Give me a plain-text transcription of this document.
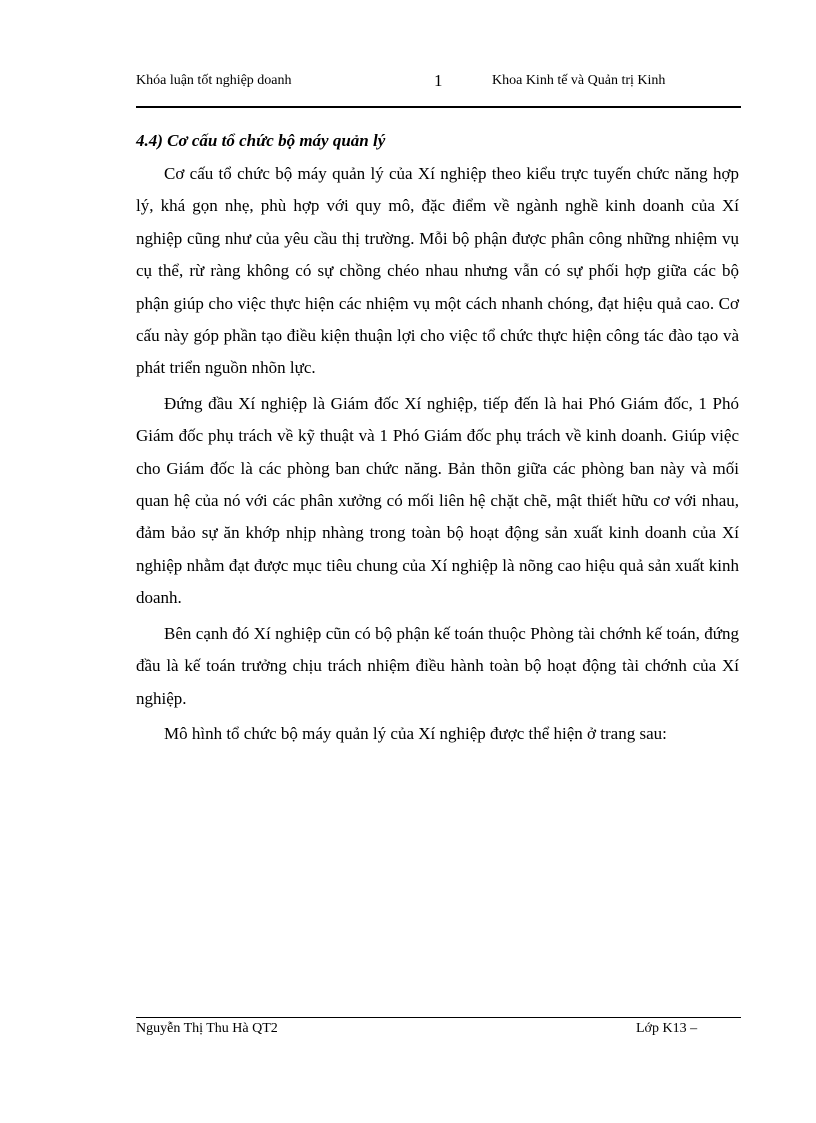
Khóa luận tốt nghiệp doanh	1	Khoa Kinh tế và Quản trị Kinh
4.4) Cơ cấu tổ chức bộ máy quản lý

Cơ cấu tổ chức bộ máy quản lý của Xí nghiệp theo kiểu trực tuyến chức năng hợp lý, khá gọn nhẹ, phù hợp với quy mô, đặc điểm về ngành nghề kinh doanh của Xí nghiệp cũng như của yêu cầu thị trường. Mỗi bộ phận được phân công những nhiệm vụ cụ thể, rừ ràng không có sự chồng chéo nhau nhưng vẫn có sự phối hợp giữa các bộ phận giúp cho việc thực hiện các nhiệm vụ một cách nhanh chóng, đạt hiệu quả cao. Cơ cấu này góp phần tạo điều kiện thuận lợi cho việc tổ chức thực hiện công tác đào tạo và phát triển nguồn nhõn lực.

Đứng đầu Xí nghiệp là Giám đốc Xí nghiệp, tiếp đến là hai Phó Giám đốc, 1 Phó Giám đốc phụ trách về kỹ thuật và 1 Phó Giám đốc phụ trách về kinh doanh. Giúp việc cho Giám đốc là các phòng ban chức năng. Bản thõn giữa các phòng ban này và mối quan hệ của nó với các phân xưởng có mối liên hệ chặt chẽ, mật thiết hữu cơ với nhau, đảm bảo sự ăn khớp nhịp nhàng trong toàn bộ hoạt động sản xuất kinh doanh của Xí nghiệp nhằm đạt được mục tiêu chung của Xí nghiệp là nõng cao hiệu quả sản xuất kinh doanh.

Bên cạnh đó Xí nghiệp cũn có bộ phận kế toán thuộc Phòng tài chớnh kế toán, đứng đầu là kế toán trưởng chịu trách nhiệm điều hành toàn bộ hoạt động tài chớnh của Xí nghiệp.

Mô hình tổ chức bộ máy quản lý của Xí nghiệp được thể hiện ở trang sau:

Nguyễn Thị Thu Hà QT2	Lớp K13 –
